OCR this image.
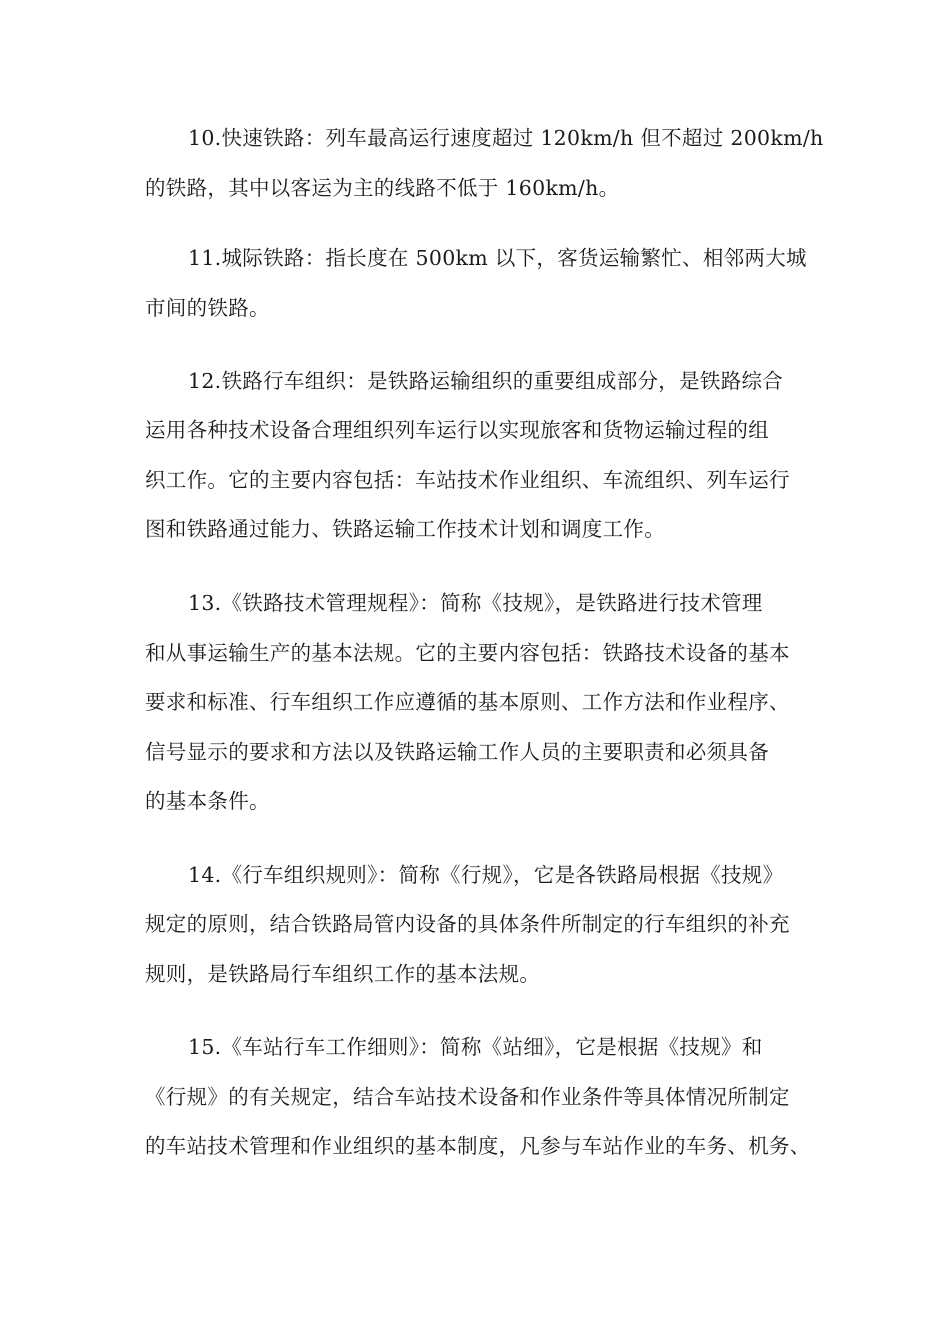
10.快速铁路：列车最高运行速度超过 120km/h 但不超过 200km/h
的铁路，其中以客运为主的线路不低于 160km/h。
11.城际铁路：指长度在 500km 以下，客货运输繁忙、相邻两大城
市间的铁路。
12.铁路行车组织：是铁路运输组织的重要组成部分，是铁路综合
运用各种技术设备合理组织列车运行以实现旅客和货物运输过程的组
织工作。它的主要内容包括：车站技术作业组织、车流组织、列车运行
图和铁路通过能力、铁路运输工作技术计划和调度工作。
13.《铁路技术管理规程》：简称《技规》，是铁路进行技术管理
和从事运输生产的基本法规。它的主要内容包括：铁路技术设备的基本
要求和标准、行车组织工作应遵循的基本原则、工作方法和作业程序、
信号显示的要求和方法以及铁路运输工作人员的主要职责和必须具备
的基本条件。
14.《行车组织规则》：简称《行规》，它是各铁路局根据《技规》
规定的原则，结合铁路局管内设备的具体条件所制定的行车组织的补充
规则，是铁路局行车组织工作的基本法规。
15.《车站行车工作细则》：简称《站细》，它是根据《技规》和
《行规》的有关规定，结合车站技术设备和作业条件等具体情况所制定
的车站技术管理和作业组织的基本制度，凡参与车站作业的车务、机务、
